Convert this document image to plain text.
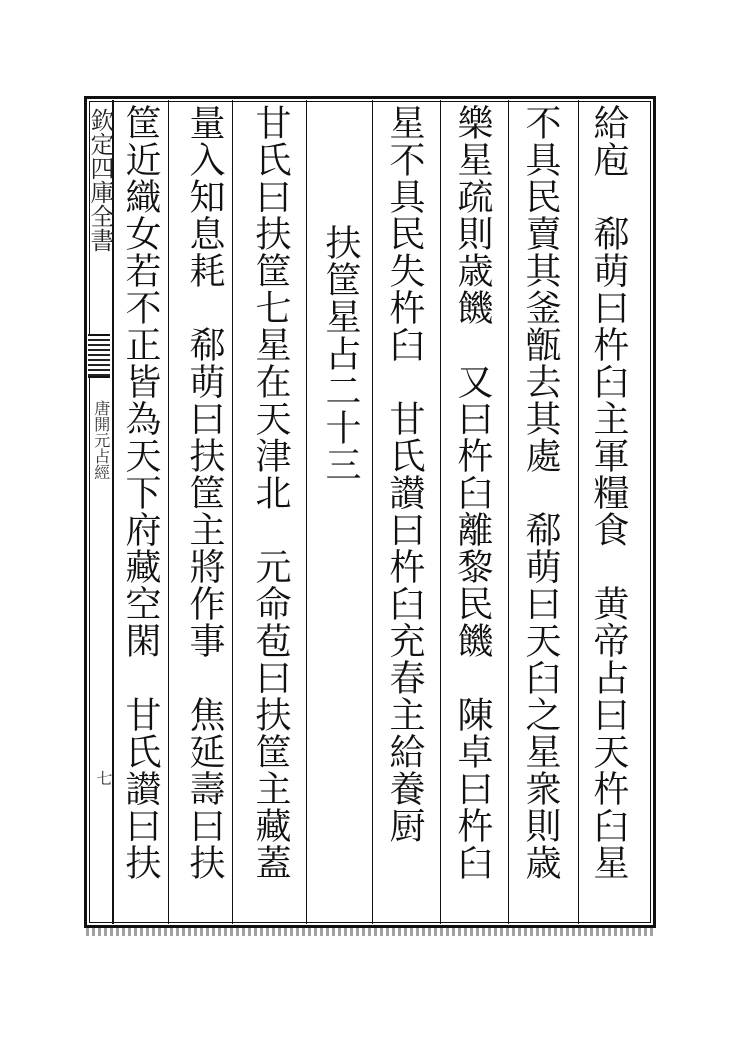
欽定四庫全書
唐開元占經
七	給庖　郗萌曰杵臼主軍糧食　黄帝占曰天杵臼星
不具民賣其釜甑去其處　郗萌曰天臼之星衆則歳
樂星疏則歳饑　又曰杵臼離黎民饑　陳卓曰杵臼
星不具民失杵臼　甘氏讃曰杵臼充春主給養厨
扶筐星占二十三
甘氏曰扶筐七星在天津北　元命苞曰扶筐主藏蓋
量入知息耗　郗萌曰扶筐主將作事　焦延壽曰扶
筐近織女若不正皆為天下府藏空閑　甘氏讃曰扶
